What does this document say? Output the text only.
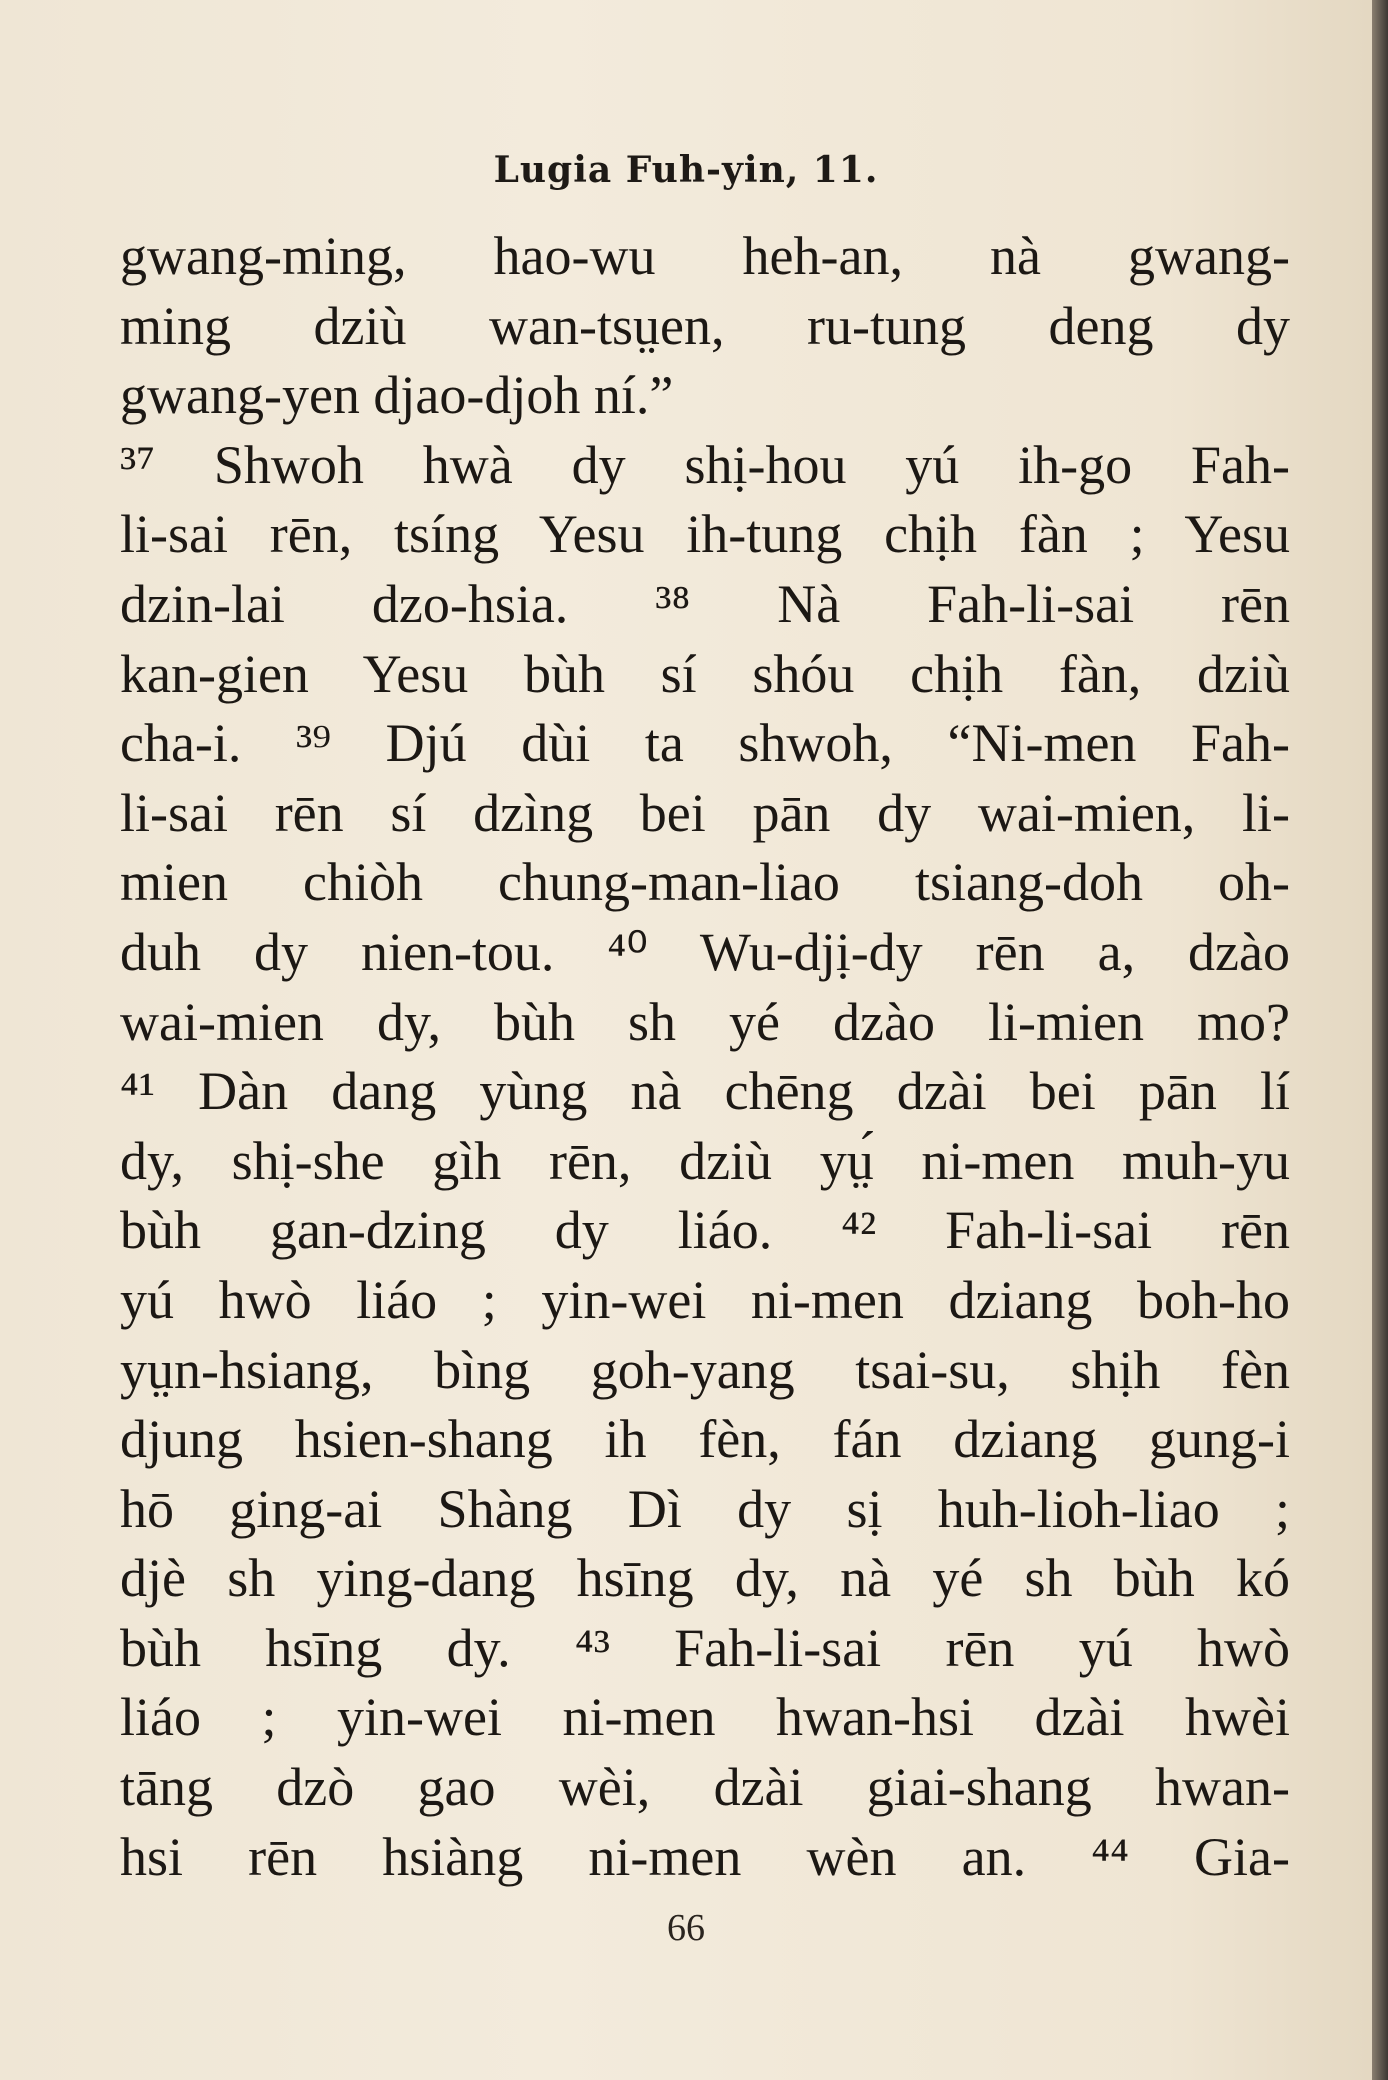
Lugia Fuh-yin, 11.
gwang-ming, hao-wu heh-an, nà gwang-
ming dziù wan-tsṳen, ru-tung deng dy
gwang-yen djao-djoh ní.”
³⁷ Shwoh hwà dy shị-hou yú ih-go Fah-
li-sai rēn, tsíng Yesu ih-tung chịh fàn ; Yesu
dzin-lai dzo-hsia. ³⁸ Nà Fah-li-sai rēn
kan-gien Yesu bùh sí shóu chịh fàn, dziù
cha-i. ³⁹ Djú dùi ta shwoh, “Ni-men Fah-
li-sai rēn sí dzìng bei pān dy wai-mien, li-
mien chiòh chung-man-liao tsiang-doh oh-
duh dy nien-tou. ⁴⁰ Wu-djị-dy rēn a, dzào
wai-mien dy, bùh sh yé dzào li-mien mo?
⁴¹ Dàn dang yùng nà chēng dzài bei pān lí
dy, shị-she gìh rēn, dziù yṳ́ ni-men muh-yu
bùh gan-dzing dy liáo. ⁴² Fah-li-sai rēn
yú hwò liáo ; yin-wei ni-men dziang boh-ho
yṳn-hsiang, bìng goh-yang tsai-su, shịh fèn
djung hsien-shang ih fèn, fán dziang gung-i
hō ging-ai Shàng Dì dy sị huh-lioh-liao ;
djè sh ying-dang hsīng dy, nà yé sh bùh kó
bùh hsīng dy. ⁴³ Fah-li-sai rēn yú hwò
liáo ; yin-wei ni-men hwan-hsi dzài hwèi
tāng dzò gao wèi, dzài giai-shang hwan-
hsi rēn hsiàng ni-men wèn an. ⁴⁴ Gia-
66
